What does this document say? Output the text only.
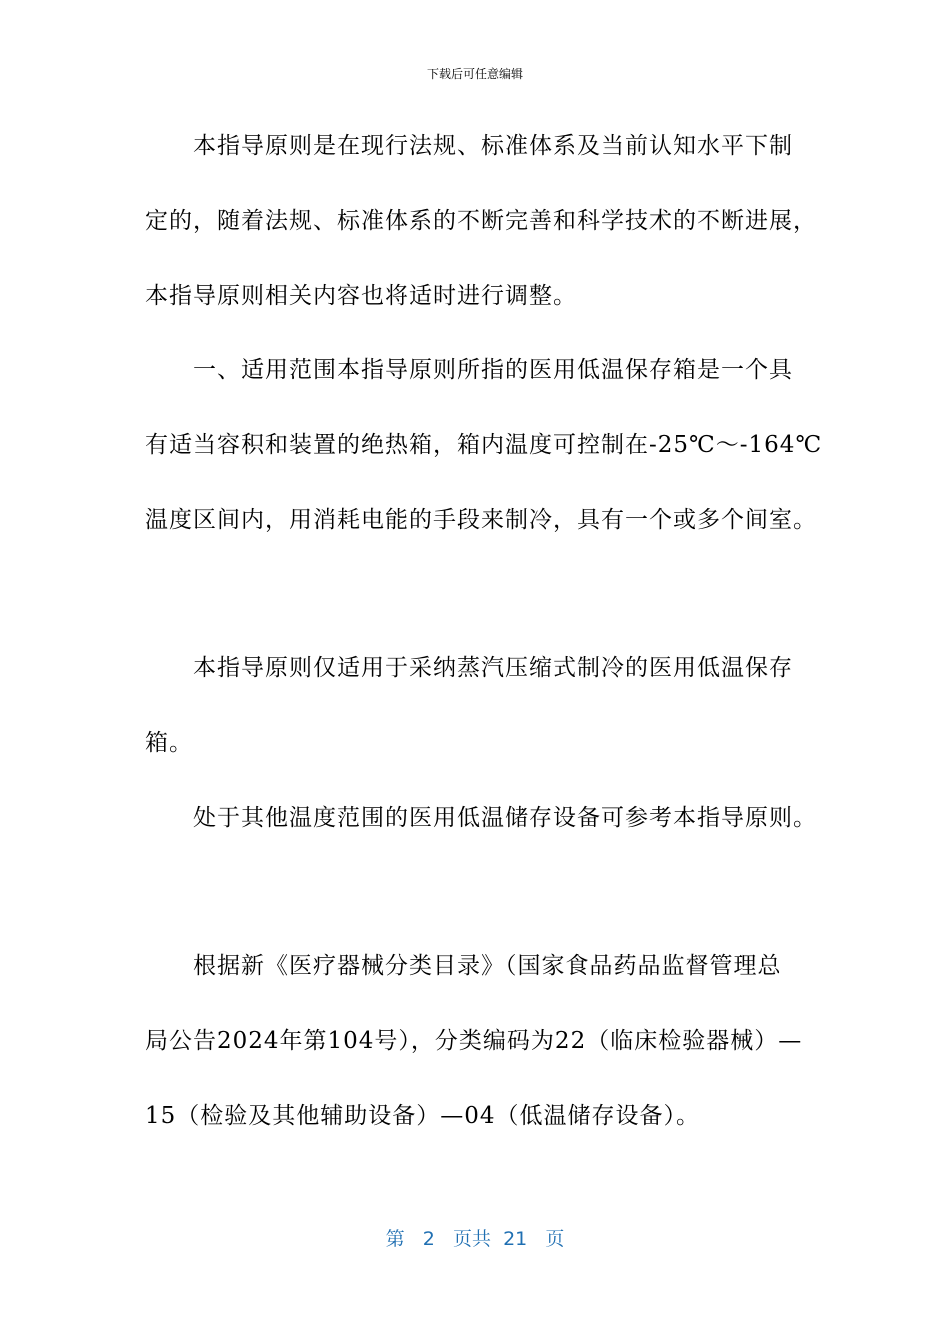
下载后可任意编辑
本指导原则是在现行法规、标准体系及当前认知水平下制
定的，随着法规、标准体系的不断完善和科学技术的不断进展，
本指导原则相关内容也将适时进行调整。
一、适用范围本指导原则所指的医用低温保存箱是一个具
有适当容积和装置的绝热箱，箱内温度可控制在-25℃～-164℃
温度区间内，用消耗电能的手段来制冷，具有一个或多个间室。
本指导原则仅适用于采纳蒸汽压缩式制冷的医用低温保存
箱。
处于其他温度范围的医用低温储存设备可参考本指导原则。
根据新《医疗器械分类目录》（国家食品药品监督管理总
局公告2024年第104号），分类编码为22（临床检验器械）—
15（检验及其他辅助设备）—04（低温储存设备）。
第 2 页共 21 页
